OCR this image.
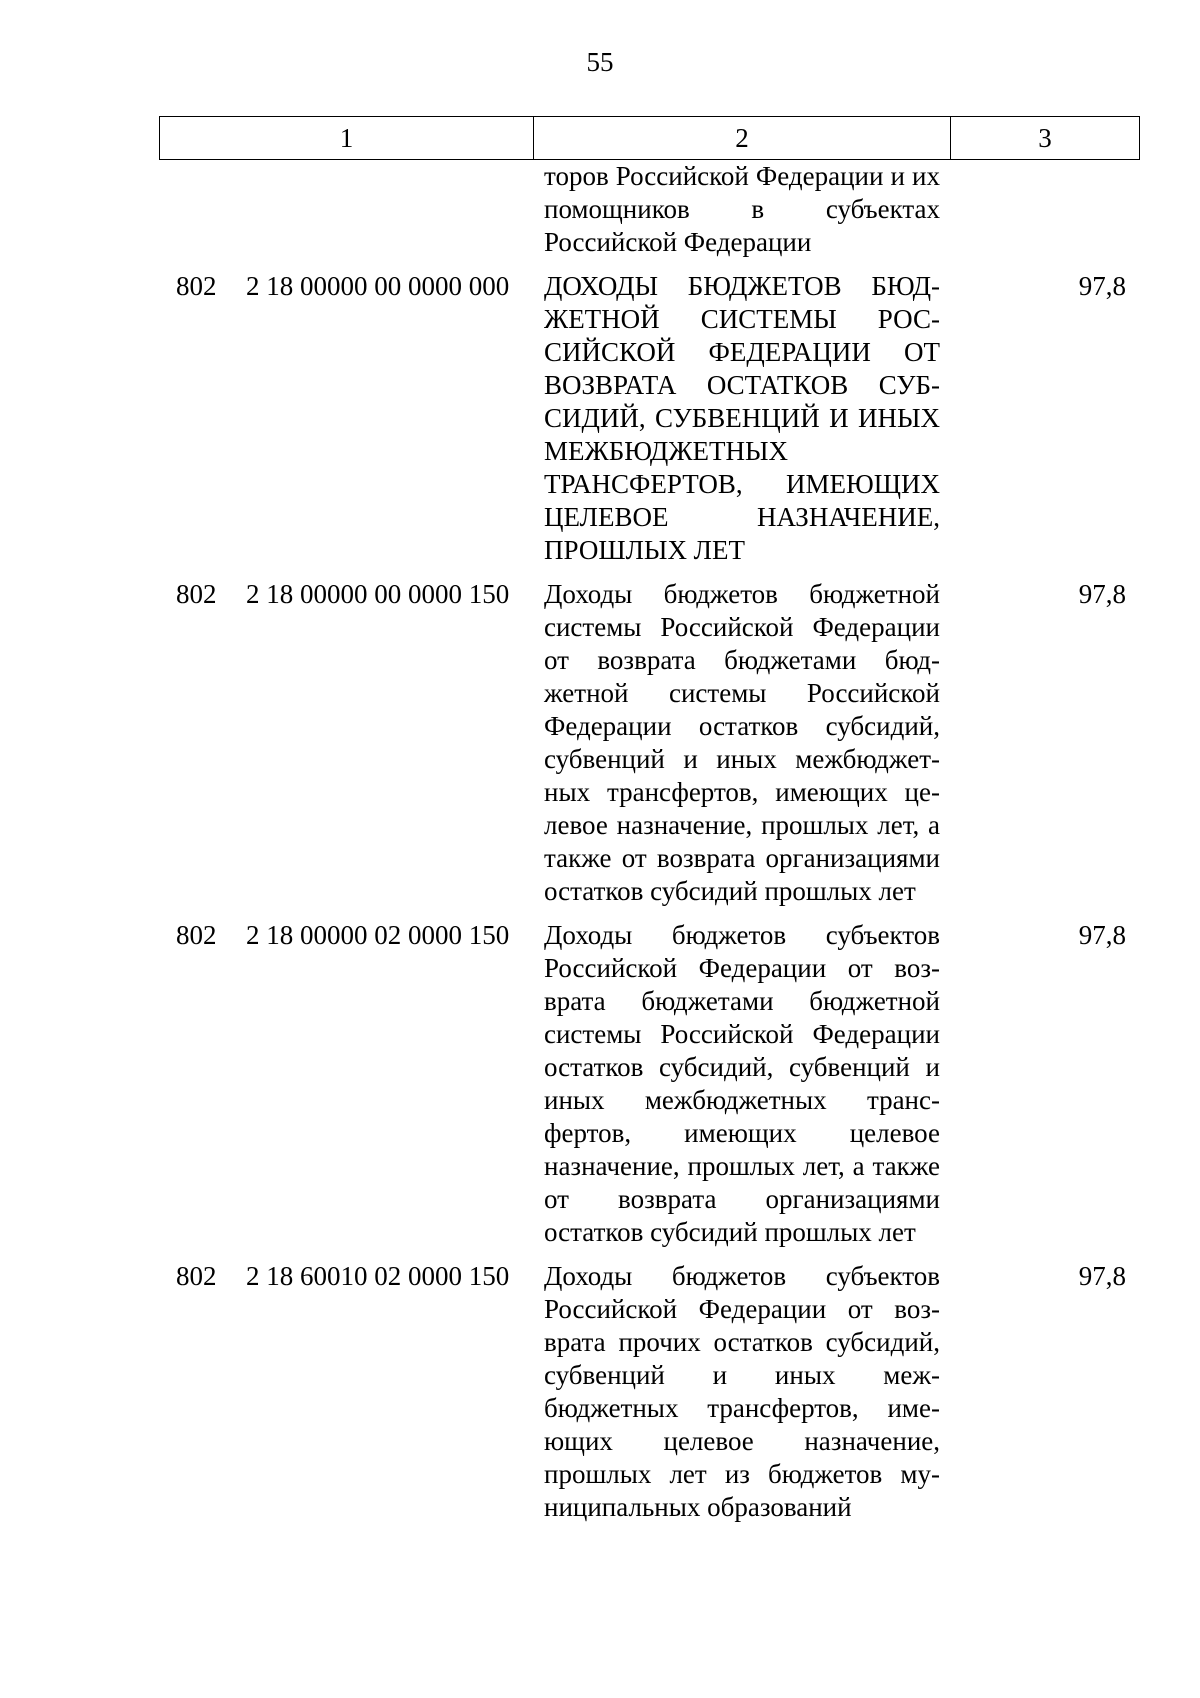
55
1	2	3
торов Российской Федерации и их помощников в субъектах Российской Федерации
802 2 18 00000 00 0000 000 ДОХОДЫ БЮДЖЕТОВ БЮДЖЕТНОЙ СИСТЕМЫ РОССИЙСКОЙ ФЕДЕРАЦИИ ОТ ВОЗВРАТА ОСТАТКОВ СУБСИДИЙ, СУБВЕНЦИЙ И ИНЫХ МЕЖБЮДЖЕТНЫХ ТРАНСФЕРТОВ, ИМЕЮЩИХ ЦЕЛЕВОЕ НАЗНАЧЕНИЕ, ПРОШЛЫХ ЛЕТ
97,8
802 2 18 00000 00 0000 150 Доходы бюджетов бюджетной системы Российской Федерации от возврата бюджетами бюджетной системы Российской Федерации остатков субсидий, субвенций и иных межбюджетных трансфертов, имеющих целевое назначение, прошлых лет, а также от возврата организациями остатков субсидий прошлых лет
97,8
802 2 18 00000 02 0000 150 Доходы бюджетов субъектов Российской Федерации от возврата бюджетами бюджетной системы Российской Федерации остатков субсидий, субвенций и иных межбюджетных трансфертов, имеющих целевое назначение, прошлых лет, а также от возврата организациями остатков субсидий прошлых лет
97,8
802 2 18 60010 02 0000 150 Доходы бюджетов субъектов Российской Федерации от возврата прочих остатков субсидий, субвенций и иных межбюджетных трансфертов, имеющих целевое назначение, прошлых лет из бюджетов муниципальных образований
97,8
